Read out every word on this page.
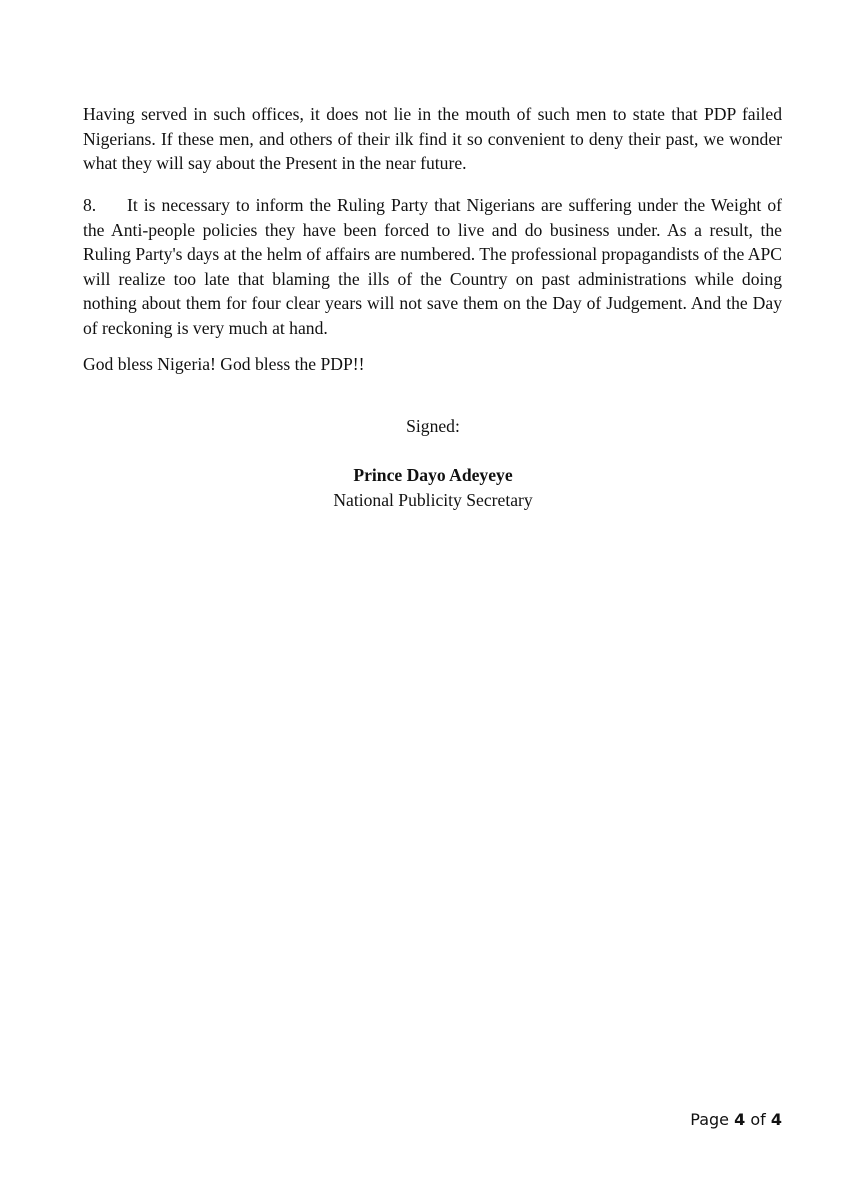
Having served in such offices, it does not lie in the mouth of such men to state that PDP failed Nigerians. If these men, and others of their ilk find it so convenient to deny their past, we wonder what they will say about the Present in the near future.

8. It is necessary to inform the Ruling Party that Nigerians are suffering under the Weight of the Anti-people policies they have been forced to live and do business under. As a result, the Ruling Party's days at the helm of affairs are numbered. The professional propagandists of the APC will realize too late that blaming the ills of the Country on past administrations while doing nothing about them for four clear years will not save them on the Day of Judgement. And the Day of reckoning is very much at hand.

God bless Nigeria! God bless the PDP!!

Signed:

Prince Dayo Adeyeye

National Publicity Secretary

Page 4 of 4
